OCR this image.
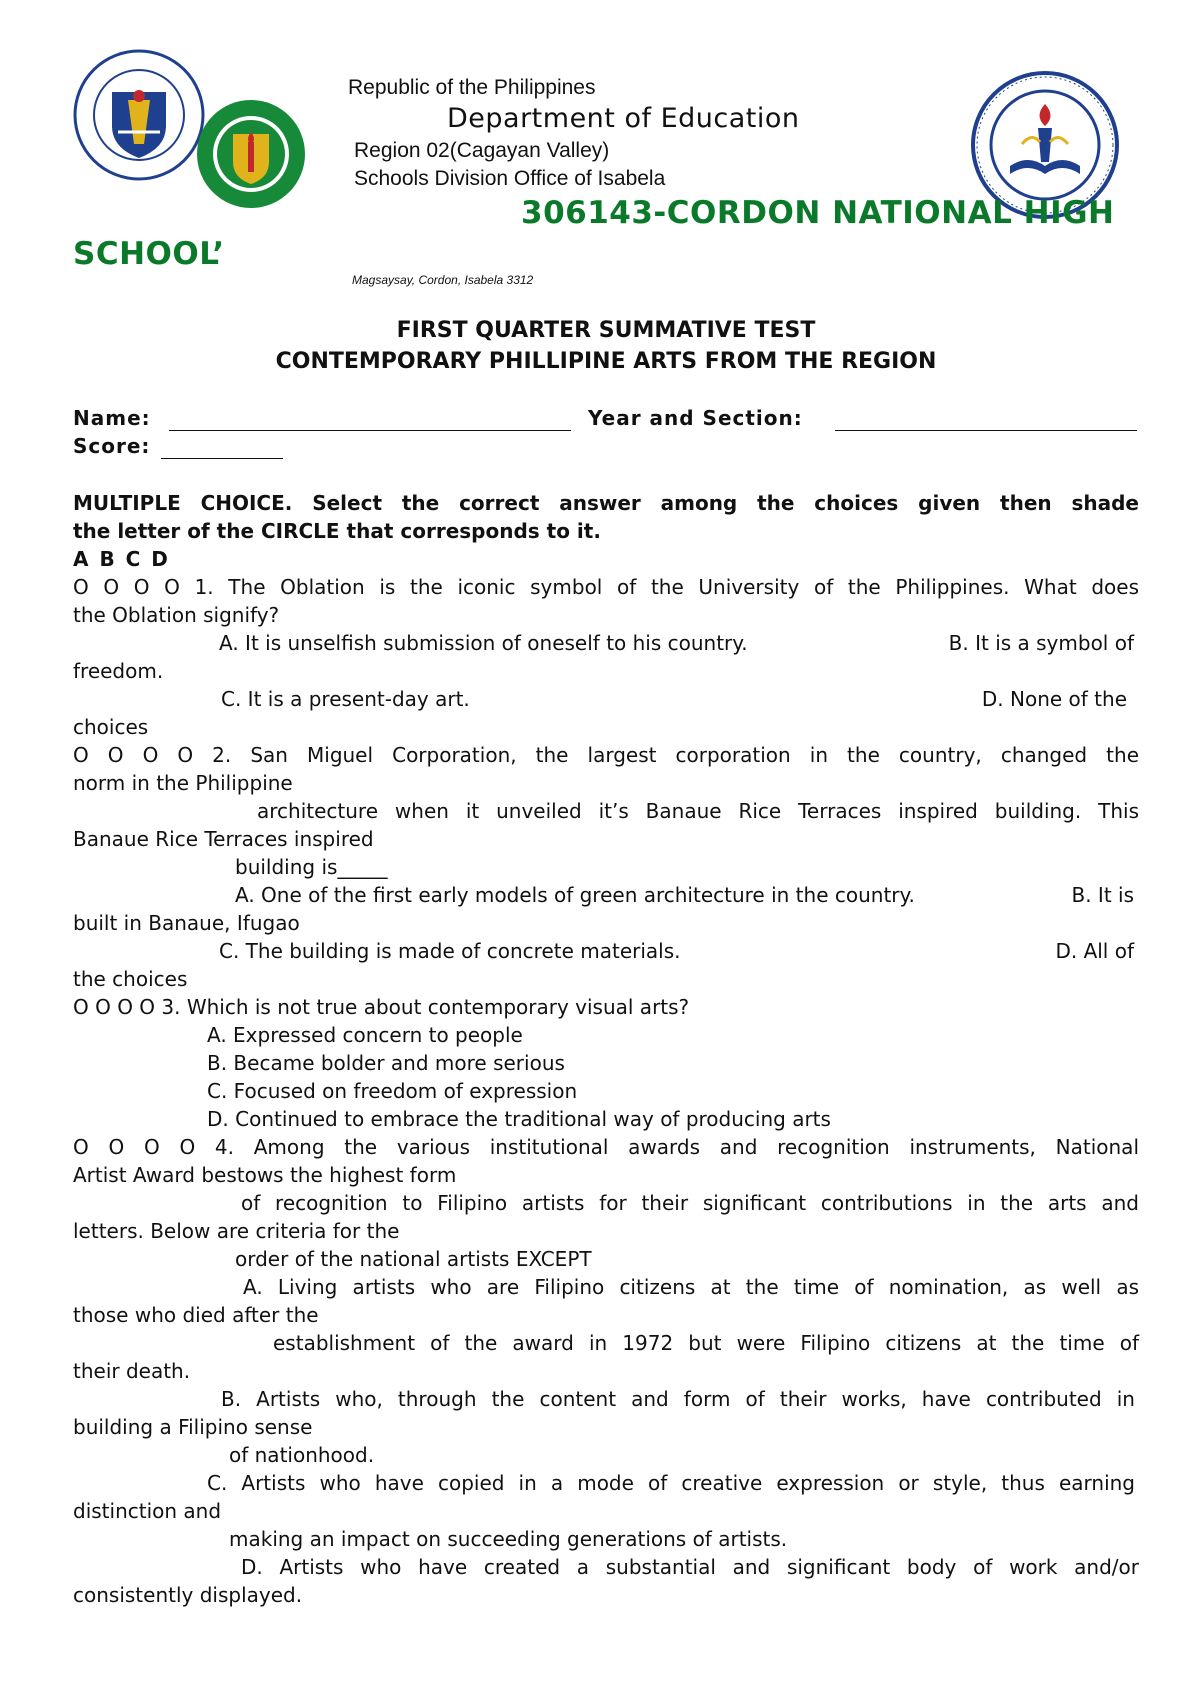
Republic of the Philippines
Department of Education
Region 02(Cagayan Valley)
Schools Division Office of Isabela
306143-CORDON NATIONAL HIGH
SCHOOL’
Magsaysay, Cordon, Isabela 3312
FIRST QUARTER SUMMATIVE TEST
CONTEMPORARY PHILLIPINE ARTS FROM THE REGION
Name:	Year and Section:
Score:
MULTIPLE CHOICE. Select the correct answer among the choices given then shade
the letter of the CIRCLE that corresponds to it.
A B C D
O O O O 1. The Oblation is the iconic symbol of the University of the Philippines. What does
the Oblation signify?
A. It is unselfish submission of oneself to his country.	B. It is a symbol of
freedom.
C. It is a present-day art.	D. None of the
choices
O O O O 2. San Miguel Corporation, the largest corporation in the country, changed the
norm in the Philippine
architecture when it unveiled it’s Banaue Rice Terraces inspired building. This
Banaue Rice Terraces inspired
building is_____
A. One of the first early models of green architecture in the country.	B. It is
built in Banaue, Ifugao
C. The building is made of concrete materials.	D. All of
the choices
O O O O 3. Which is not true about contemporary visual arts?
A. Expressed concern to people
B. Became bolder and more serious
C. Focused on freedom of expression
D. Continued to embrace the traditional way of producing arts
O O O O 4. Among the various institutional awards and recognition instruments, National
Artist Award bestows the highest form
of recognition to Filipino artists for their significant contributions in the arts and
letters. Below are criteria for the
order of the national artists EXCEPT
A. Living artists who are Filipino citizens at the time of nomination, as well as
those who died after the
establishment of the award in 1972 but were Filipino citizens at the time of
their death.
B. Artists who, through the content and form of their works, have contributed in
building a Filipino sense
of nationhood.
C. Artists who have copied in a mode of creative expression or style, thus earning
distinction and
making an impact on succeeding generations of artists.
D. Artists who have created a substantial and significant body of work and/or
consistently displayed.
